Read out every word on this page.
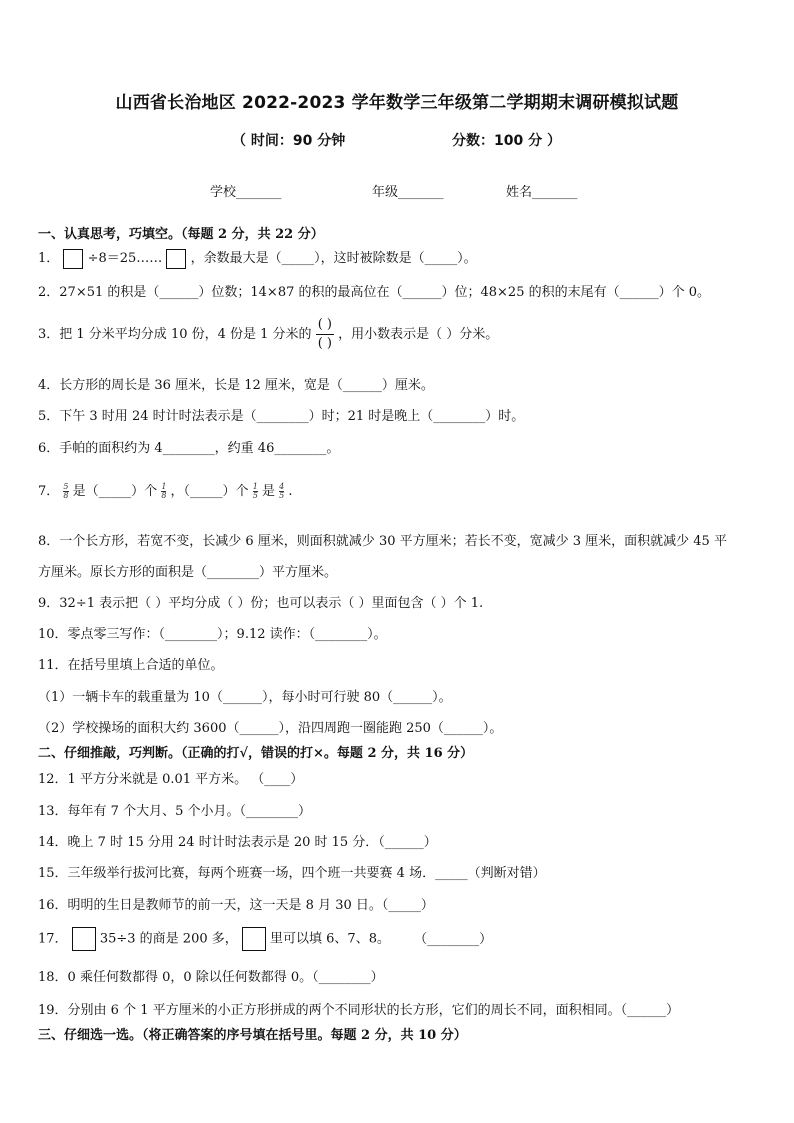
山西省长治地区 2022-2023 学年数学三年级第二学期期末调研模拟试题
（ 时间：90 分钟	分数：100 分 ）
学校_______	年级_______	姓名_______
一、认真思考，巧填空。（每题 2 分，共 22 分）
1． ÷8＝25…… ，余数最大是（_____），这时被除数是（_____）。
2．27×51 的积是（______）位数；14×87 的积的最高位在（______）位；48×25 的积的末尾有（______）个 0。
3．把 1 分米平均分成 10 份，4 份是 1 分米的 $\frac{( )}{( )}$ ，用小数表示是（ ）分米。
4．长方形的周长是 36 厘米，长是 12 厘米，宽是（______）厘米。
5．下午 3 时用 24 时计时法表示是（________）时；21 时是晚上（________）时。
6．手帕的面积约为 4________，约重 46________。
7． $\frac{5}{8}$ 是（_____）个 $\frac{1}{8}$ ，（_____）个 $\frac{1}{5}$ 是 $\frac{4}{5}$ .
8．一个长方形，若宽不变，长减少 6 厘米，则面积就减少 30 平方厘米；若长不变，宽减少 3 厘米，面积就减少 45 平
方厘米。原长方形的面积是（________）平方厘米。
9．32÷1 表示把（ ）平均分成（ ）份；也可以表示（ ）里面包含（ ）个 1.
10．零点零三写作：（________）；9.12 读作：（________）。
11．在括号里填上合适的单位。
（1）一辆卡车的载重量为 10（______），每小时可行驶 80（______）。
（2）学校操场的面积大约 3600（______），沿四周跑一圈能跑 250（______）。
二、仔细推敲，巧判断。（正确的打√，错误的打×。每题 2 分，共 16 分）
12．1 平方分米就是 0.01 平方米。 （____）
13．每年有 7 个大月、5 个小月。（________）
14．晚上 7 时 15 分用 24 时计时法表示是 20 时 15 分．（______）
15．三年级举行拔河比赛，每两个班赛一场，四个班一共要赛 4 场．_____（判断对错）
16．明明的生日是教师节的前一天，这一天是 8 月 30 日。（_____）
17． 35÷3 的商是 200 多， 里可以填 6、7、8。 （________）
18．0 乘任何数都得 0，0 除以任何数都得 0。（________）
19．分别由 6 个 1 平方厘米的小正方形拼成的两个不同形状的长方形，它们的周长不同，面积相同。（______）
三、仔细选一选。（将正确答案的序号填在括号里。每题 2 分，共 10 分）
